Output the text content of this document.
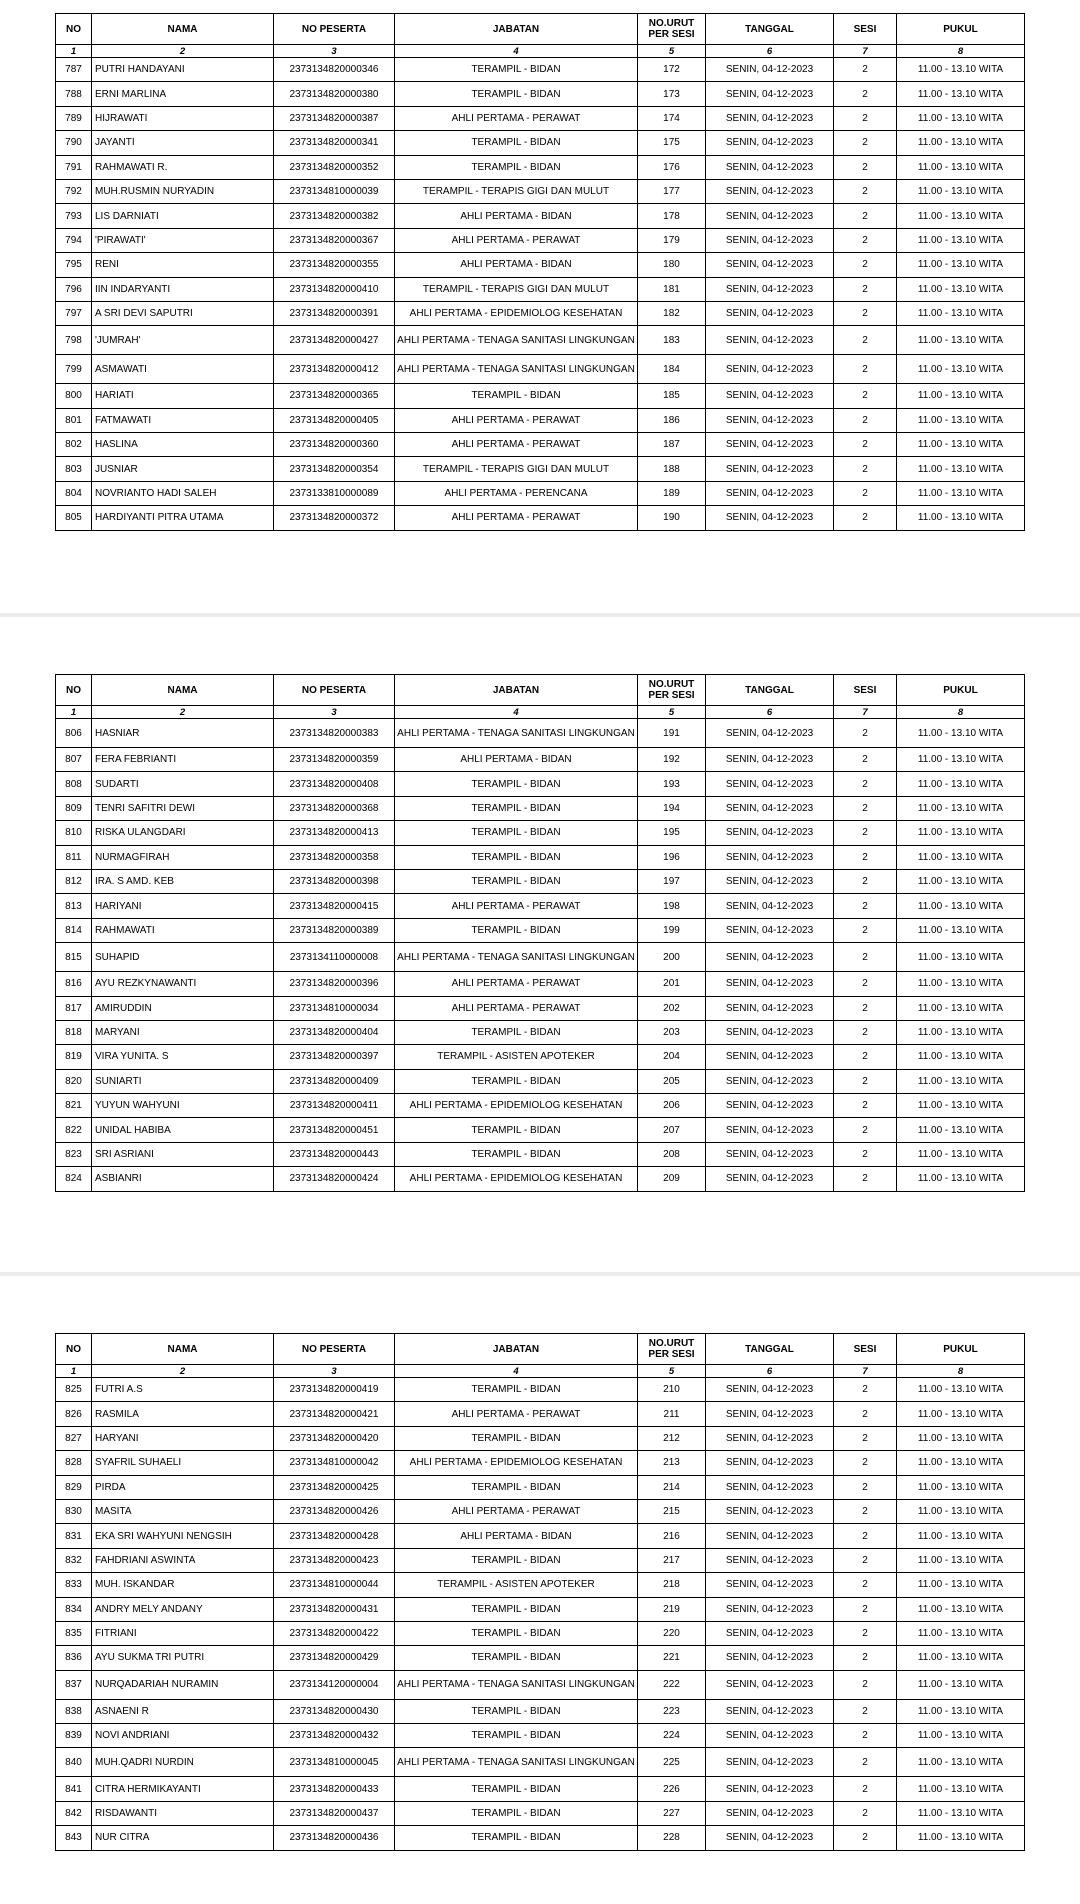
NO	NAMA	NO PESERTA	JABATAN	NO.URUT PER SESI	TANGGAL	SESI	PUKUL
1	2	3	4	5	6	7	8
787	PUTRI HANDAYANI	2373134820000346	TERAMPIL - BIDAN	172	SENIN, 04-12-2023	2	11.00 - 13.10 WITA
788	ERNI MARLINA	2373134820000380	TERAMPIL - BIDAN	173	SENIN, 04-12-2023	2	11.00 - 13.10 WITA
789	HIJRAWATI	2373134820000387	AHLI PERTAMA - PERAWAT	174	SENIN, 04-12-2023	2	11.00 - 13.10 WITA
790	JAYANTI	2373134820000341	TERAMPIL - BIDAN	175	SENIN, 04-12-2023	2	11.00 - 13.10 WITA
791	RAHMAWATI R.	2373134820000352	TERAMPIL - BIDAN	176	SENIN, 04-12-2023	2	11.00 - 13.10 WITA
792	MUH.RUSMIN NURYADIN	2373134810000039	TERAMPIL - TERAPIS GIGI DAN MULUT	177	SENIN, 04-12-2023	2	11.00 - 13.10 WITA
793	LIS DARNIATI	2373134820000382	AHLI PERTAMA - BIDAN	178	SENIN, 04-12-2023	2	11.00 - 13.10 WITA
794	'PIRAWATI'	2373134820000367	AHLI PERTAMA - PERAWAT	179	SENIN, 04-12-2023	2	11.00 - 13.10 WITA
795	RENI	2373134820000355	AHLI PERTAMA - BIDAN	180	SENIN, 04-12-2023	2	11.00 - 13.10 WITA
796	IIN INDARYANTI	2373134820000410	TERAMPIL - TERAPIS GIGI DAN MULUT	181	SENIN, 04-12-2023	2	11.00 - 13.10 WITA
797	A SRI DEVI SAPUTRI	2373134820000391	AHLI PERTAMA - EPIDEMIOLOG KESEHATAN	182	SENIN, 04-12-2023	2	11.00 - 13.10 WITA
798	'JUMRAH'	2373134820000427	AHLI PERTAMA - TENAGA SANITASI LINGKUNGAN	183	SENIN, 04-12-2023	2	11.00 - 13.10 WITA
799	ASMAWATI	2373134820000412	AHLI PERTAMA - TENAGA SANITASI LINGKUNGAN	184	SENIN, 04-12-2023	2	11.00 - 13.10 WITA
800	HARIATI	2373134820000365	TERAMPIL - BIDAN	185	SENIN, 04-12-2023	2	11.00 - 13.10 WITA
801	FATMAWATI	2373134820000405	AHLI PERTAMA - PERAWAT	186	SENIN, 04-12-2023	2	11.00 - 13.10 WITA
802	HASLINA	2373134820000360	AHLI PERTAMA - PERAWAT	187	SENIN, 04-12-2023	2	11.00 - 13.10 WITA
803	JUSNIAR	2373134820000354	TERAMPIL - TERAPIS GIGI DAN MULUT	188	SENIN, 04-12-2023	2	11.00 - 13.10 WITA
804	NOVRIANTO HADI SALEH	2373133810000089	AHLI PERTAMA - PERENCANA	189	SENIN, 04-12-2023	2	11.00 - 13.10 WITA
805	HARDIYANTI PITRA UTAMA	2373134820000372	AHLI PERTAMA - PERAWAT	190	SENIN, 04-12-2023	2	11.00 - 13.10 WITA
NO	NAMA	NO PESERTA	JABATAN	NO.URUT PER SESI	TANGGAL	SESI	PUKUL
1	2	3	4	5	6	7	8
806	HASNIAR	2373134820000383	AHLI PERTAMA - TENAGA SANITASI LINGKUNGAN	191	SENIN, 04-12-2023	2	11.00 - 13.10 WITA
807	FERA FEBRIANTI	2373134820000359	AHLI PERTAMA - BIDAN	192	SENIN, 04-12-2023	2	11.00 - 13.10 WITA
808	SUDARTI	2373134820000408	TERAMPIL - BIDAN	193	SENIN, 04-12-2023	2	11.00 - 13.10 WITA
809	TENRI SAFITRI DEWI	2373134820000368	TERAMPIL - BIDAN	194	SENIN, 04-12-2023	2	11.00 - 13.10 WITA
810	RISKA ULANGDARI	2373134820000413	TERAMPIL - BIDAN	195	SENIN, 04-12-2023	2	11.00 - 13.10 WITA
811	NURMAGFIRAH	2373134820000358	TERAMPIL - BIDAN	196	SENIN, 04-12-2023	2	11.00 - 13.10 WITA
812	IRA. S AMD. KEB	2373134820000398	TERAMPIL - BIDAN	197	SENIN, 04-12-2023	2	11.00 - 13.10 WITA
813	HARIYANI	2373134820000415	AHLI PERTAMA - PERAWAT	198	SENIN, 04-12-2023	2	11.00 - 13.10 WITA
814	RAHMAWATI	2373134820000389	TERAMPIL - BIDAN	199	SENIN, 04-12-2023	2	11.00 - 13.10 WITA
815	SUHAPID	2373134110000008	AHLI PERTAMA - TENAGA SANITASI LINGKUNGAN	200	SENIN, 04-12-2023	2	11.00 - 13.10 WITA
816	AYU REZKYNAWANTI	2373134820000396	AHLI PERTAMA - PERAWAT	201	SENIN, 04-12-2023	2	11.00 - 13.10 WITA
817	AMIRUDDIN	2373134810000034	AHLI PERTAMA - PERAWAT	202	SENIN, 04-12-2023	2	11.00 - 13.10 WITA
818	MARYANI	2373134820000404	TERAMPIL - BIDAN	203	SENIN, 04-12-2023	2	11.00 - 13.10 WITA
819	VIRA YUNITA. S	2373134820000397	TERAMPIL - ASISTEN APOTEKER	204	SENIN, 04-12-2023	2	11.00 - 13.10 WITA
820	SUNIARTI	2373134820000409	TERAMPIL - BIDAN	205	SENIN, 04-12-2023	2	11.00 - 13.10 WITA
821	YUYUN WAHYUNI	2373134820000411	AHLI PERTAMA - EPIDEMIOLOG KESEHATAN	206	SENIN, 04-12-2023	2	11.00 - 13.10 WITA
822	UNIDAL HABIBA	2373134820000451	TERAMPIL - BIDAN	207	SENIN, 04-12-2023	2	11.00 - 13.10 WITA
823	SRI ASRIANI	2373134820000443	TERAMPIL - BIDAN	208	SENIN, 04-12-2023	2	11.00 - 13.10 WITA
824	ASBIANRI	2373134820000424	AHLI PERTAMA - EPIDEMIOLOG KESEHATAN	209	SENIN, 04-12-2023	2	11.00 - 13.10 WITA
NO	NAMA	NO PESERTA	JABATAN	NO.URUT PER SESI	TANGGAL	SESI	PUKUL
1	2	3	4	5	6	7	8
825	FUTRI A.S	2373134820000419	TERAMPIL - BIDAN	210	SENIN, 04-12-2023	2	11.00 - 13.10 WITA
826	RASMILA	2373134820000421	AHLI PERTAMA - PERAWAT	211	SENIN, 04-12-2023	2	11.00 - 13.10 WITA
827	HARYANI	2373134820000420	TERAMPIL - BIDAN	212	SENIN, 04-12-2023	2	11.00 - 13.10 WITA
828	SYAFRIL SUHAELI	2373134810000042	AHLI PERTAMA - EPIDEMIOLOG KESEHATAN	213	SENIN, 04-12-2023	2	11.00 - 13.10 WITA
829	PIRDA	2373134820000425	TERAMPIL - BIDAN	214	SENIN, 04-12-2023	2	11.00 - 13.10 WITA
830	MASITA	2373134820000426	AHLI PERTAMA - PERAWAT	215	SENIN, 04-12-2023	2	11.00 - 13.10 WITA
831	EKA SRI WAHYUNI NENGSIH	2373134820000428	AHLI PERTAMA - BIDAN	216	SENIN, 04-12-2023	2	11.00 - 13.10 WITA
832	FAHDRIANI ASWINTA	2373134820000423	TERAMPIL - BIDAN	217	SENIN, 04-12-2023	2	11.00 - 13.10 WITA
833	MUH. ISKANDAR	2373134810000044	TERAMPIL - ASISTEN APOTEKER	218	SENIN, 04-12-2023	2	11.00 - 13.10 WITA
834	ANDRY MELY ANDANY	2373134820000431	TERAMPIL - BIDAN	219	SENIN, 04-12-2023	2	11.00 - 13.10 WITA
835	FITRIANI	2373134820000422	TERAMPIL - BIDAN	220	SENIN, 04-12-2023	2	11.00 - 13.10 WITA
836	AYU SUKMA TRI PUTRI	2373134820000429	TERAMPIL - BIDAN	221	SENIN, 04-12-2023	2	11.00 - 13.10 WITA
837	NURQADARIAH NURAMIN	2373134120000004	AHLI PERTAMA - TENAGA SANITASI LINGKUNGAN	222	SENIN, 04-12-2023	2	11.00 - 13.10 WITA
838	ASNAENI R	2373134820000430	TERAMPIL - BIDAN	223	SENIN, 04-12-2023	2	11.00 - 13.10 WITA
839	NOVI ANDRIANI	2373134820000432	TERAMPIL - BIDAN	224	SENIN, 04-12-2023	2	11.00 - 13.10 WITA
840	MUH.QADRI NURDIN	2373134810000045	AHLI PERTAMA - TENAGA SANITASI LINGKUNGAN	225	SENIN, 04-12-2023	2	11.00 - 13.10 WITA
841	CITRA HERMIKAYANTI	2373134820000433	TERAMPIL - BIDAN	226	SENIN, 04-12-2023	2	11.00 - 13.10 WITA
842	RISDAWANTI	2373134820000437	TERAMPIL - BIDAN	227	SENIN, 04-12-2023	2	11.00 - 13.10 WITA
843	NUR CITRA	2373134820000436	TERAMPIL - BIDAN	228	SENIN, 04-12-2023	2	11.00 - 13.10 WITA
